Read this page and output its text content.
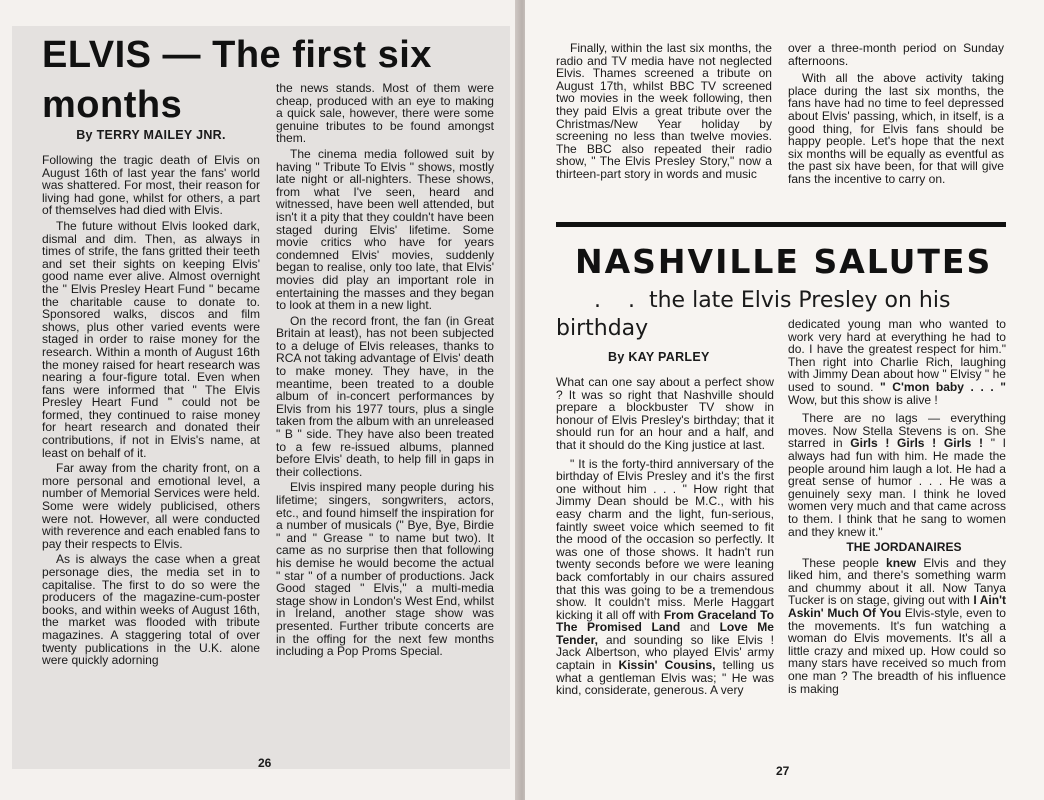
ELVIS — The first six
months
By TERRY MAILEY JNR.

Following the tragic death of Elvis on August 16th of last year the fans' world was shattered. For most, their reason for living had gone, whilst for others, a part of themselves had died with Elvis.

The future without Elvis looked dark, dismal and dim. Then, as always in times of strife, the fans gritted their teeth and set their sights on keeping Elvis' good name ever alive. Almost overnight the " Elvis Presley Heart Fund " became the charitable cause to donate to. Sponsored walks, discos and film shows, plus other varied events were staged in order to raise money for the research. Within a month of August 16th the money raised for heart research was nearing a four-figure total. Even when fans were informed that " The Elvis Presley Heart Fund " could not be formed, they continued to raise money for heart research and donated their contributions, if not in Elvis's name, at least on behalf of it.

Far away from the charity front, on a more personal and emotional level, a number of Memorial Services were held. Some were widely publicised, others were not. However, all were conducted with reverence and each enabled fans to pay their respects to Elvis.

As is always the case when a great personage dies, the media set in to capitalise. The first to do so were the producers of the magazine-cum-poster books, and within weeks of August 16th, the market was flooded with tribute magazines. A staggering total of over twenty publications in the U.K. alone were quickly adorning

the news stands. Most of them were cheap, produced with an eye to making a quick sale, however, there were some genuine tributes to be found amongst them.

The cinema media followed suit by having " Tribute To Elvis " shows, mostly late night or all-nighters. These shows, from what I've seen, heard and witnessed, have been well attended, but isn't it a pity that they couldn't have been staged during Elvis' lifetime. Some movie critics who have for years condemned Elvis' movies, suddenly began to realise, only too late, that Elvis' movies did play an important role in entertaining the masses and they began to look at them in a new light.

On the record front, the fan (in Great Britain at least), has not been subjected to a deluge of Elvis releases, thanks to RCA not taking advantage of Elvis' death to make money. They have, in the meantime, been treated to a double album of in-concert performances by Elvis from his 1977 tours, plus a single taken from the album with an unreleased " B " side. They have also been treated to a few re-issued albums, planned before Elvis' death, to help fill in gaps in their collections.

Elvis inspired many people during his lifetime; singers, songwriters, actors, etc., and found himself the inspiration for a number of musicals (" Bye, Bye, Birdie " and " Grease " to name but two). It came as no surprise then that following his demise he would become the actual " star " of a number of productions. Jack Good staged " Elvis," a multi-media stage show in London's West End, whilst in Ireland, another stage show was presented. Further tribute concerts are in the offing for the next few months including a Pop Proms Special.

26

Finally, within the last six months, the radio and TV media have not neglected Elvis. Thames screened a tribute on August 17th, whilst BBC TV screened two movies in the week following, then they paid Elvis a great tribute over the Christmas/New Year holiday by screening no less than twelve movies. The BBC also repeated their radio show, " The Elvis Presley Story," now a thirteen-part story in words and music

over a three-month period on Sunday afternoons.

With all the above activity taking place during the last six months, the fans have had no time to feel depressed about Elvis' passing, which, in itself, is a good thing, for Elvis fans should be happy people. Let's hope that the next six months will be equally as eventful as the past six have been, for that will give fans the incentive to carry on.

NASHVILLE SALUTES
. . the late Elvis Presley on his
birthday
By KAY PARLEY

What can one say about a perfect show ? It was so right that Nashville should prepare a blockbuster TV show in honour of Elvis Presley's birthday; that it should run for an hour and a half, and that it should do the King justice at last.

" It is the forty-third anniversary of the birthday of Elvis Presley and it's the first one without him . . . " How right that Jimmy Dean should be M.C., with his easy charm and the light, fun-serious, faintly sweet voice which seemed to fit the mood of the occasion so perfectly. It was one of those shows. It hadn't run twenty seconds before we were leaning back comfortably in our chairs assured that this was going to be a tremendous show. It couldn't miss. Merle Haggart kicking it all off with From Graceland To The Promised Land and Love Me Tender, and sounding so like Elvis ! Jack Albertson, who played Elvis' army captain in Kissin' Cousins, telling us what a gentleman Elvis was; " He was kind, considerate, generous. A very

dedicated young man who wanted to work very hard at everything he had to do. I have the greatest respect for him." Then right into Charlie Rich, laughing with Jimmy Dean about how " Elvisy " he used to sound. " C'mon baby . . . " Wow, but this show is alive !

There are no lags — everything moves. Now Stella Stevens is on. She starred in Girls ! Girls ! Girls ! " I always had fun with him. He made the people around him laugh a lot. He had a great sense of humor . . . He was a genuinely sexy man. I think he loved women very much and that came across to them. I think that he sang to women and they knew it."

THE JORDANAIRES

These people knew Elvis and they liked him, and there's something warm and chummy about it all. Now Tanya Tucker is on stage, giving out with I Ain't Askin' Much Of You Elvis-style, even to the movements. It's fun watching a woman do Elvis movements. It's all a little crazy and mixed up. How could so many stars have received so much from one man ? The breadth of his influence is making

27
